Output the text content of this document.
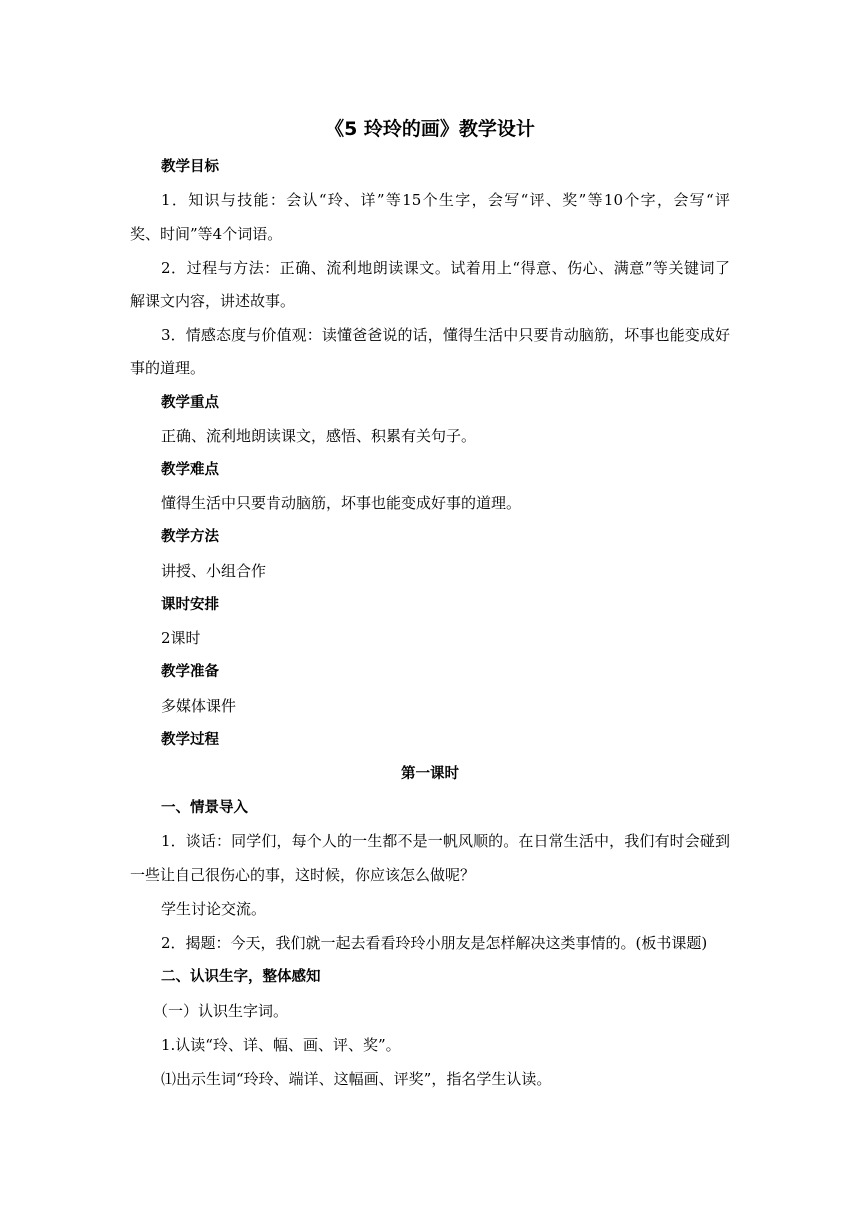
《5 玲玲的画》教学设计

教学目标

1．知识与技能：会认“玲、详”等15个生字，会写“评、奖”等10个字，会写“评

奖、时间”等4个词语。

2．过程与方法：正确、流利地朗读课文。试着用上“得意、伤心、满意”等关键词了

解课文内容，讲述故事。

3．情感态度与价值观：读懂爸爸说的话，懂得生活中只要肯动脑筋，坏事也能变成好

事的道理。

教学重点

正确、流利地朗读课文，感悟、积累有关句子。

教学难点

懂得生活中只要肯动脑筋，坏事也能变成好事的道理。

教学方法

讲授、小组合作

课时安排

2课时

教学准备

多媒体课件

教学过程

第一课时

一、情景导入

1．谈话：同学们，每个人的一生都不是一帆风顺的。在日常生活中，我们有时会碰到

一些让自己很伤心的事，这时候，你应该怎么做呢？

学生讨论交流。

2．揭题：今天，我们就一起去看看玲玲小朋友是怎样解决这类事情的。(板书课题)

二、认识生字，整体感知

（一）认识生字词。

1.认读“玲、详、幅、画、评、奖”。

⑴出示生词“玲玲、端详、这幅画、评奖”，指名学生认读。
